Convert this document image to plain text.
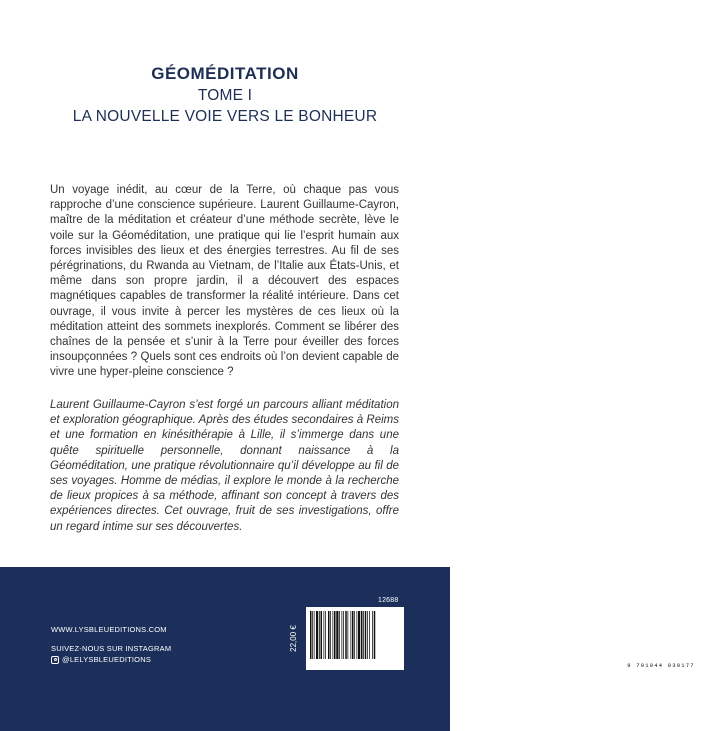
GÉOMÉDITATION

TOME I

LA NOUVELLE VOIE VERS LE BONHEUR

Un voyage inédit, au cœur de la Terre, où chaque pas vous rapproche d’une conscience supérieure. Laurent Guillaume-Cayron, maître de la méditation et créateur d’une méthode secrète, lève le voile sur la Géoméditation, une pratique qui lie l’esprit humain aux forces invisibles des lieux et des énergies terrestres. Au fil de ses pérégrinations, du Rwanda au Vietnam, de l’Italie aux États-Unis, et même dans son propre jardin, il a découvert des espaces magnétiques capables de transformer la réalité intérieure. Dans cet ouvrage, il vous invite à percer les mystères de ces lieux où la méditation atteint des sommets inexplorés. Comment se libérer des chaînes de la pensée et s’unir à la Terre pour éveiller des forces insoupçonnées ? Quels sont ces endroits où l’on devient capable de vivre une hyper-pleine conscience ?

Laurent Guillaume-Cayron s’est forgé un parcours alliant méditation et exploration géographique. Après des études secondaires à Reims et une formation en kinésithérapie à Lille, il s’immerge dans une quête spirituelle personnelle, donnant naissance à la Géoméditation, une pratique révolutionnaire qu’il développe au fil de ses voyages. Homme de médias, il explore le monde à la recherche de lieux propices à sa méthode, affinant son concept à travers des expériences directes. Cet ouvrage, fruit de ses investigations, offre un regard intime sur ses découvertes.

12688
WWW.LYSBLEUEDITIONS.COM
SUIVEZ-NOUS SUR INSTAGRAM
@LELYSBLEUEDITIONS
22,00 €
9 791044 030177
